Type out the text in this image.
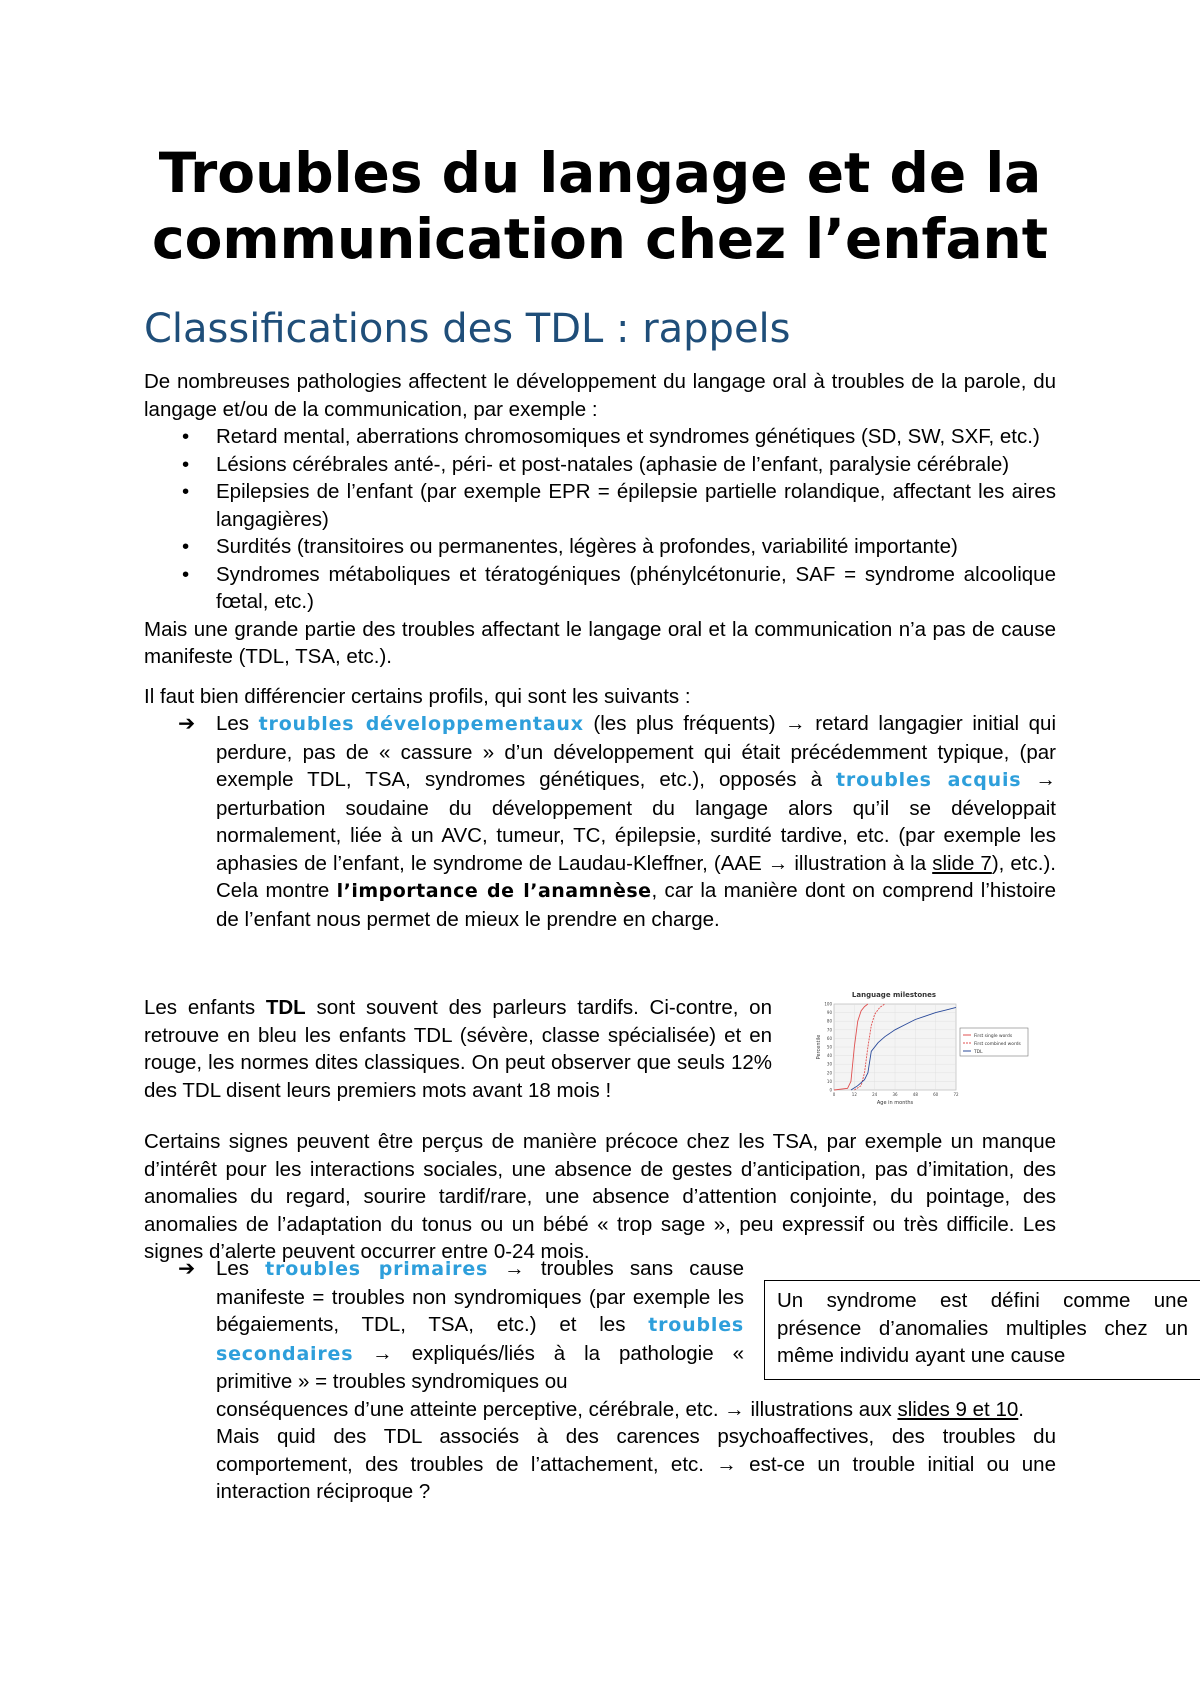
Troubles du langage et de la
communication chez l’enfant
Classifications des TDL : rappels

De nombreuses pathologies affectent le développement du langage oral à troubles de la parole, du langage et/ou de la communication, par exemple :

• Retard mental, aberrations chromosomiques et syndromes génétiques (SD, SW, SXF, etc.)
• Lésions cérébrales anté-, péri- et post-natales (aphasie de l’enfant, paralysie cérébrale)
• Epilepsies de l’enfant (par exemple EPR = épilepsie partielle rolandique, affectant les aires langagières)
• Surdités (transitoires ou permanentes, légères à profondes, variabilité importante)
• Syndromes métaboliques et tératogéniques (phénylcétonurie, SAF = syndrome alcoolique fœtal, etc.)

Mais une grande partie des troubles affectant le langage oral et la communication n’a pas de cause manifeste (TDL, TSA, etc.).

Il faut bien différencier certains profils, qui sont les suivants :

➔ Les troubles développementaux (les plus fréquents) → retard langagier initial qui perdure, pas de « cassure » d’un développement qui était précédemment typique, (par exemple TDL, TSA, syndromes génétiques, etc.), opposés à troubles acquis → perturbation soudaine du développement du langage alors qu’il se développait normalement, liée à un AVC, tumeur, TC, épilepsie, surdité tardive, etc. (par exemple les aphasies de l’enfant, le syndrome de Laudau-Kleffner, (AAE → illustration à la slide 7), etc.). Cela montre l’importance de l’anamnèse, car la manière dont on comprend l’histoire de l’enfant nous permet de mieux le prendre en charge.
Les enfants TDL sont souvent des parleurs tardifs. Ci-contre, on retrouve en bleu les enfants TDL (sévère, classe spécialisée) et en rouge, les normes dites classiques. On peut observer que seuls 12% des TDL disent leurs premiers mots avant 18 mois !
Language milestones
100
90
80
70
60
50
40
30
20
10
0
0	12	24	36	48	60	72
Percentile
Age in months
First single words
First combined words
TDL

Certains signes peuvent être perçus de manière précoce chez les TSA, par exemple un manque d’intérêt pour les interactions sociales, une absence de gestes d’anticipation, pas d’imitation, des anomalies du regard, sourire tardif/rare, une absence d’attention conjointe, du pointage, des anomalies de l’adaptation du tonus ou un bébé « trop sage », peu expressif ou très difficile. Les signes d’alerte peuvent occurrer entre 0-24 mois.

➔ Les troubles primaires → troubles sans cause manifeste = troubles non syndromiques (par exemple les bégaiements, TDL, TSA, etc.) et les troubles secondaires → expliqués/liés à la pathologie « primitive » = troubles syndromiques ou
conséquences d’une atteinte perceptive, cérébrale, etc. → illustrations aux slides 9 et 10.
Mais quid des TDL associés à des carences psychoaffectives, des troubles du comportement, des troubles de l’attachement, etc. → est-ce un trouble initial ou une interaction réciproque ?
Un syndrome est défini comme une présence d’anomalies multiples chez un même individu ayant une cause
